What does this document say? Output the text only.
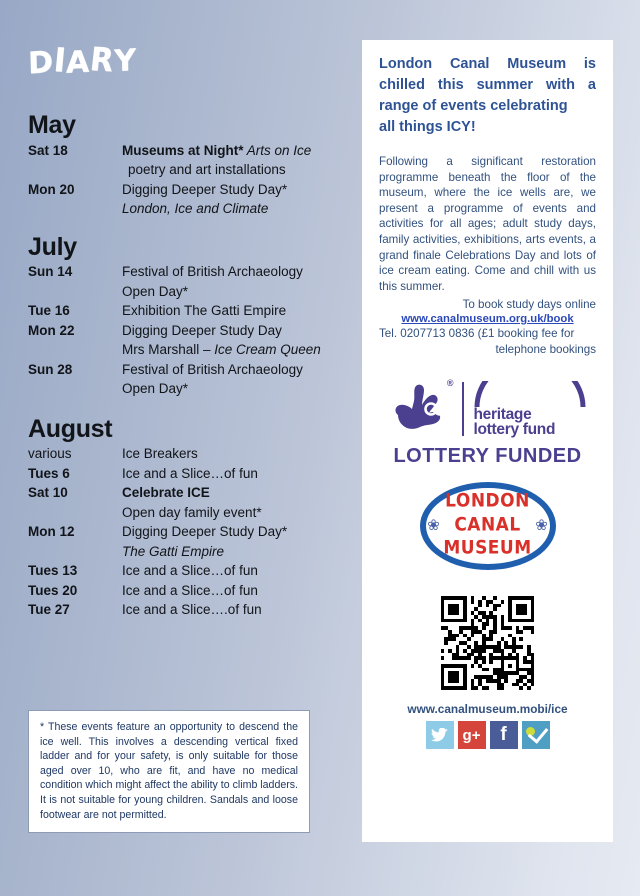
DIARY
May
Sat 18	Museums at Night* Arts on Ice
poetry and art installations
Mon 20	Digging Deeper Study Day*
London, Ice and Climate
July
Sun 14	Festival of British Archaeology
Open Day*
Tue 16	Exhibition The Gatti Empire
Mon 22	Digging Deeper Study Day
Mrs Marshall – Ice Cream Queen
Sun 28	Festival of British Archaeology
Open Day*
August
various	Ice Breakers
Tues 6	Ice and a Slice…of fun
Sat 10	Celebrate ICE
Open day family event*
Mon 12	Digging Deeper Study Day*
The Gatti Empire
Tues 13	Ice and a Slice…of fun
Tues 20	Ice and a Slice…of fun
Tue 27	Ice and a Slice….of fun

* These events feature an opportunity to descend the ice well. This involves a descending vertical fixed ladder and for your safety, is only suitable for those aged over 10, who are fit, and have no medical condition which might affect the ability to climb ladders. It is not suitable for young children. Sandals and loose footwear are not permitted.

London Canal Museum is chilled this summer with a range of events celebrating
all things ICY!

Following a significant restoration programme beneath the floor of the museum, where the ice wells are, we present a programme of events and activities for all ages; adult study days, family activities, exhibitions, arts events, a grand finale Celebrations Day and lots of ice cream eating. Come and chill with us this summer.

To book study days online

www.canalmuseum.org.uk/book

Tel. 0207713 0836 (£1 booking fee for
telephone bookings

®
heritage
lottery fund
LOTTERY FUNDED
LONDON
❀	❀
CANAL
MUSEUM
www.canalmuseum.mobi/ice
g+	f
